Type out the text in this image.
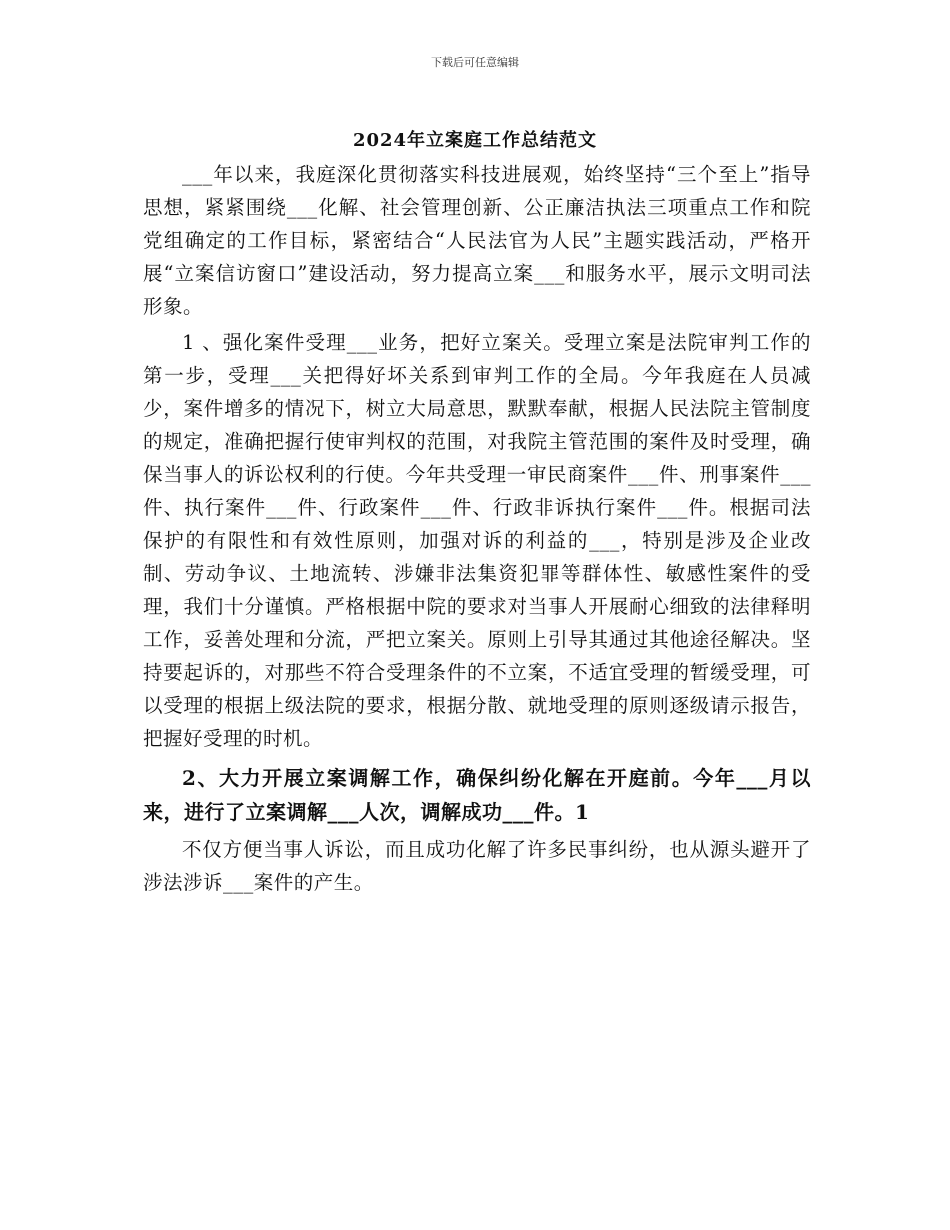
下载后可任意编辑
2024年立案庭工作总结范文

___年以来，我庭深化贯彻落实科技进展观，始终坚持“三个至上”指导思想，紧紧围绕___化解、社会管理创新、公正廉洁执法三项重点工作和院党组确定的工作目标，紧密结合“人民法官为人民”主题实践活动，严格开展“立案信访窗口”建设活动，努力提高立案___和服务水平，展示文明司法形象。

1 、强化案件受理___业务，把好立案关。受理立案是法院审判工作的第一步，受理___关把得好坏关系到审判工作的全局。今年我庭在人员减少，案件增多的情况下，树立大局意思，默默奉献，根据人民法院主管制度的规定，准确把握行使审判权的范围，对我院主管范围的案件及时受理，确保当事人的诉讼权利的行使。今年共受理一审民商案件___件、刑事案件___件、执行案件___件、行政案件___件、行政非诉执行案件___件。根据司法保护的有限性和有效性原则，加强对诉的利益的___，特别是涉及企业改制、劳动争议、土地流转、涉嫌非法集资犯罪等群体性、敏感性案件的受理，我们十分谨慎。严格根据中院的要求对当事人开展耐心细致的法律释明工作，妥善处理和分流，严把立案关。原则上引导其通过其他途径解决。坚持要起诉的，对那些不符合受理条件的不立案，不适宜受理的暂缓受理，可以受理的根据上级法院的要求，根据分散、就地受理的原则逐级请示报告，把握好受理的时机。

2、大力开展立案调解工作，确保纠纷化解在开庭前。今年___月以来，进行了立案调解___人次，调解成功___件。1

不仅方便当事人诉讼，而且成功化解了许多民事纠纷，也从源头避开了涉法涉诉___案件的产生。
